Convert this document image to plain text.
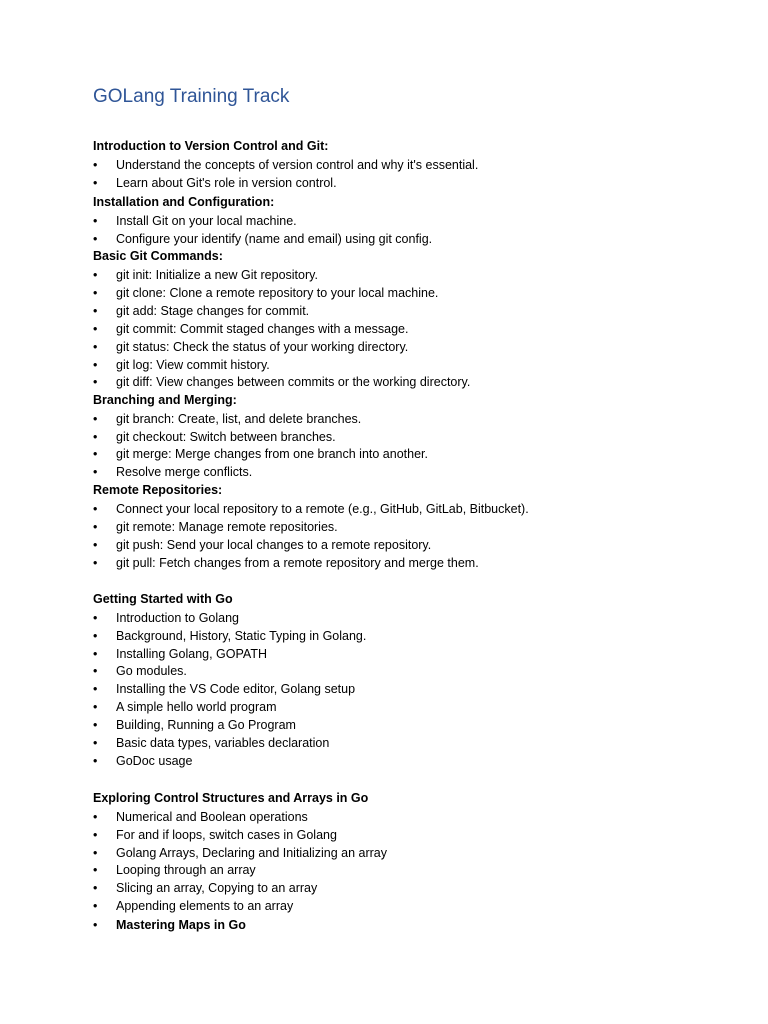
GOLang Training Track
Introduction to Version Control and Git:
• Understand the concepts of version control and why it's essential.
• Learn about Git's role in version control.
Installation and Configuration:
• Install Git on your local machine.
• Configure your identify (name and email) using git config.
Basic Git Commands:
• git init: Initialize a new Git repository.
• git clone: Clone a remote repository to your local machine.
• git add: Stage changes for commit.
• git commit: Commit staged changes with a message.
• git status: Check the status of your working directory.
• git log: View commit history.
• git diff: View changes between commits or the working directory.
Branching and Merging:
• git branch: Create, list, and delete branches.
• git checkout: Switch between branches.
• git merge: Merge changes from one branch into another.
• Resolve merge conflicts.
Remote Repositories:
• Connect your local repository to a remote (e.g., GitHub, GitLab, Bitbucket).
• git remote: Manage remote repositories.
• git push: Send your local changes to a remote repository.
• git pull: Fetch changes from a remote repository and merge them.
Getting Started with Go
• Introduction to Golang
• Background, History, Static Typing in Golang.
• Installing Golang, GOPATH
• Go modules.
• Installing the VS Code editor, Golang setup
• A simple hello world program
• Building, Running a Go Program
• Basic data types, variables declaration
• GoDoc usage
Exploring Control Structures and Arrays in Go
• Numerical and Boolean operations
• For and if loops, switch cases in Golang
• Golang Arrays, Declaring and Initializing an array
• Looping through an array
• Slicing an array, Copying to an array
• Appending elements to an array
• Mastering Maps in Go
